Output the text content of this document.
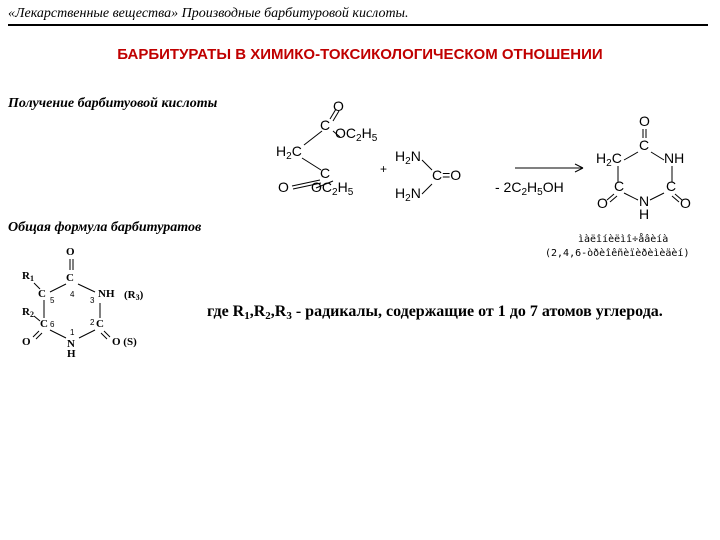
«Лекарственные вещества» Производные барбитуровой кислоты.
БАРБИТУРАТЫ В ХИМИКО-ТОКСИКОЛОГИЧЕСКОМ ОТНОШЕНИИ
Получение барбитуовой кислоты	O
C $OC_2H_5$
$H_2C$
C
O $OC_2H_5$
+
$H_2N$
C=O
$H_2N$	- $2C_2H_5OH$
O
C
$H_2C$	NH
C	C
O	O
N
H
ìàëîíèëìî÷åâèíà
(2,4,6-òðèîêñèïèðèìèäèí)
Общая формула барбитуратов
O
C
4
$R_1$
C
5	3
NH $(R_3)$
$R_2$
C 6	2 C
1
O	N
H
O (S)
где $R_1,R_2,R_3$ - радикалы, содержащие от 1 до 7 атомов углерода.
